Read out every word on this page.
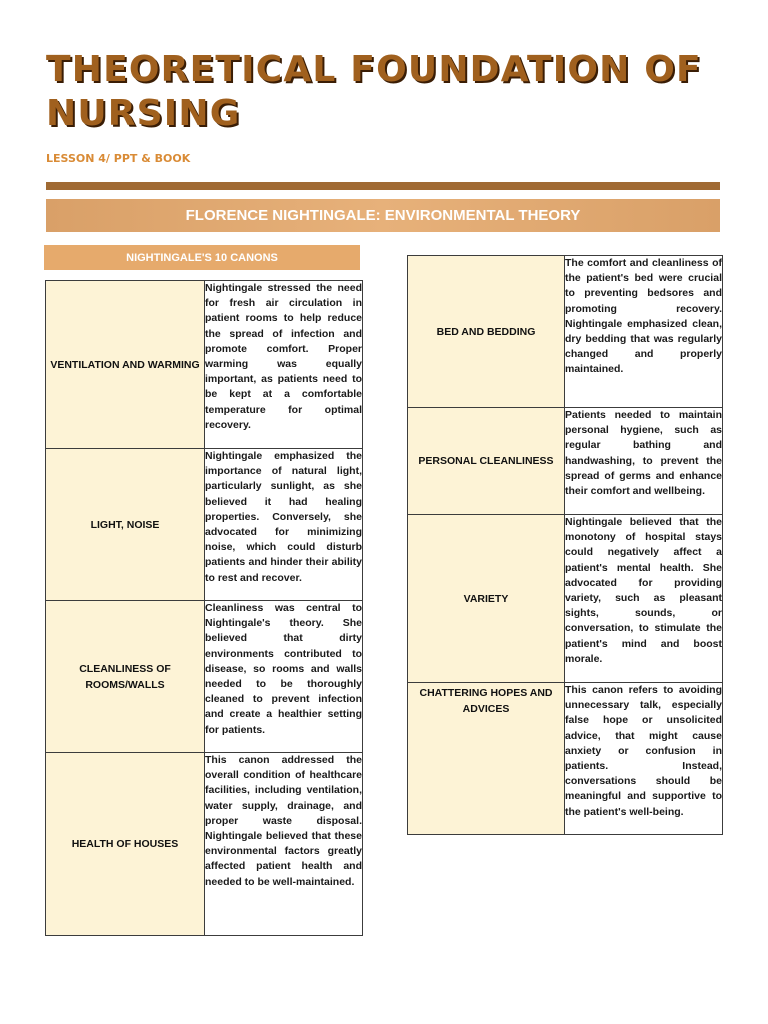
THEORETICAL FOUNDATION OF
NURSING

LESSON 4/ PPT & BOOK

FLORENCE NIGHTINGALE: ENVIRONMENTAL THEORY
NIGHTINGALE'S 10 CANONS
VENTILATION AND WARMING	Nightingale stressed the need for fresh air circulation in patient rooms to help reduce the spread of infection and promote comfort. Proper warming was equally important, as patients need to be kept at a comfortable temperature for optimal recovery.
LIGHT, NOISE	Nightingale emphasized the importance of natural light, particularly sunlight, as she believed it had healing properties. Conversely, she advocated for minimizing noise, which could disturb patients and hinder their ability to rest and recover.
CLEANLINESS OF ROOMS/WALLS	Cleanliness was central to Nightingale's theory. She believed that dirty environments contributed to disease, so rooms and walls needed to be thoroughly cleaned to prevent infection and create a healthier setting for patients.
HEALTH OF HOUSES	This canon addressed the overall condition of healthcare facilities, including ventilation, water supply, drainage, and proper waste disposal. Nightingale believed that these environmental factors greatly affected patient health and needed to be well-maintained.
BED AND BEDDING	The comfort and cleanliness of the patient's bed were crucial to preventing bedsores and promoting recovery. Nightingale emphasized clean, dry bedding that was regularly changed and properly maintained.
PERSONAL CLEANLINESS	Patients needed to maintain personal hygiene, such as regular bathing and handwashing, to prevent the spread of germs and enhance their comfort and wellbeing.
VARIETY	Nightingale believed that the monotony of hospital stays could negatively affect a patient's mental health. She advocated for providing variety, such as pleasant sights, sounds, or conversation, to stimulate the patient's mind and boost morale.
CHATTERING HOPES AND ADVICES	This canon refers to avoiding unnecessary talk, especially false hope or unsolicited advice, that might cause anxiety or confusion in patients. Instead, conversations should be meaningful and supportive to the patient's well-being.
